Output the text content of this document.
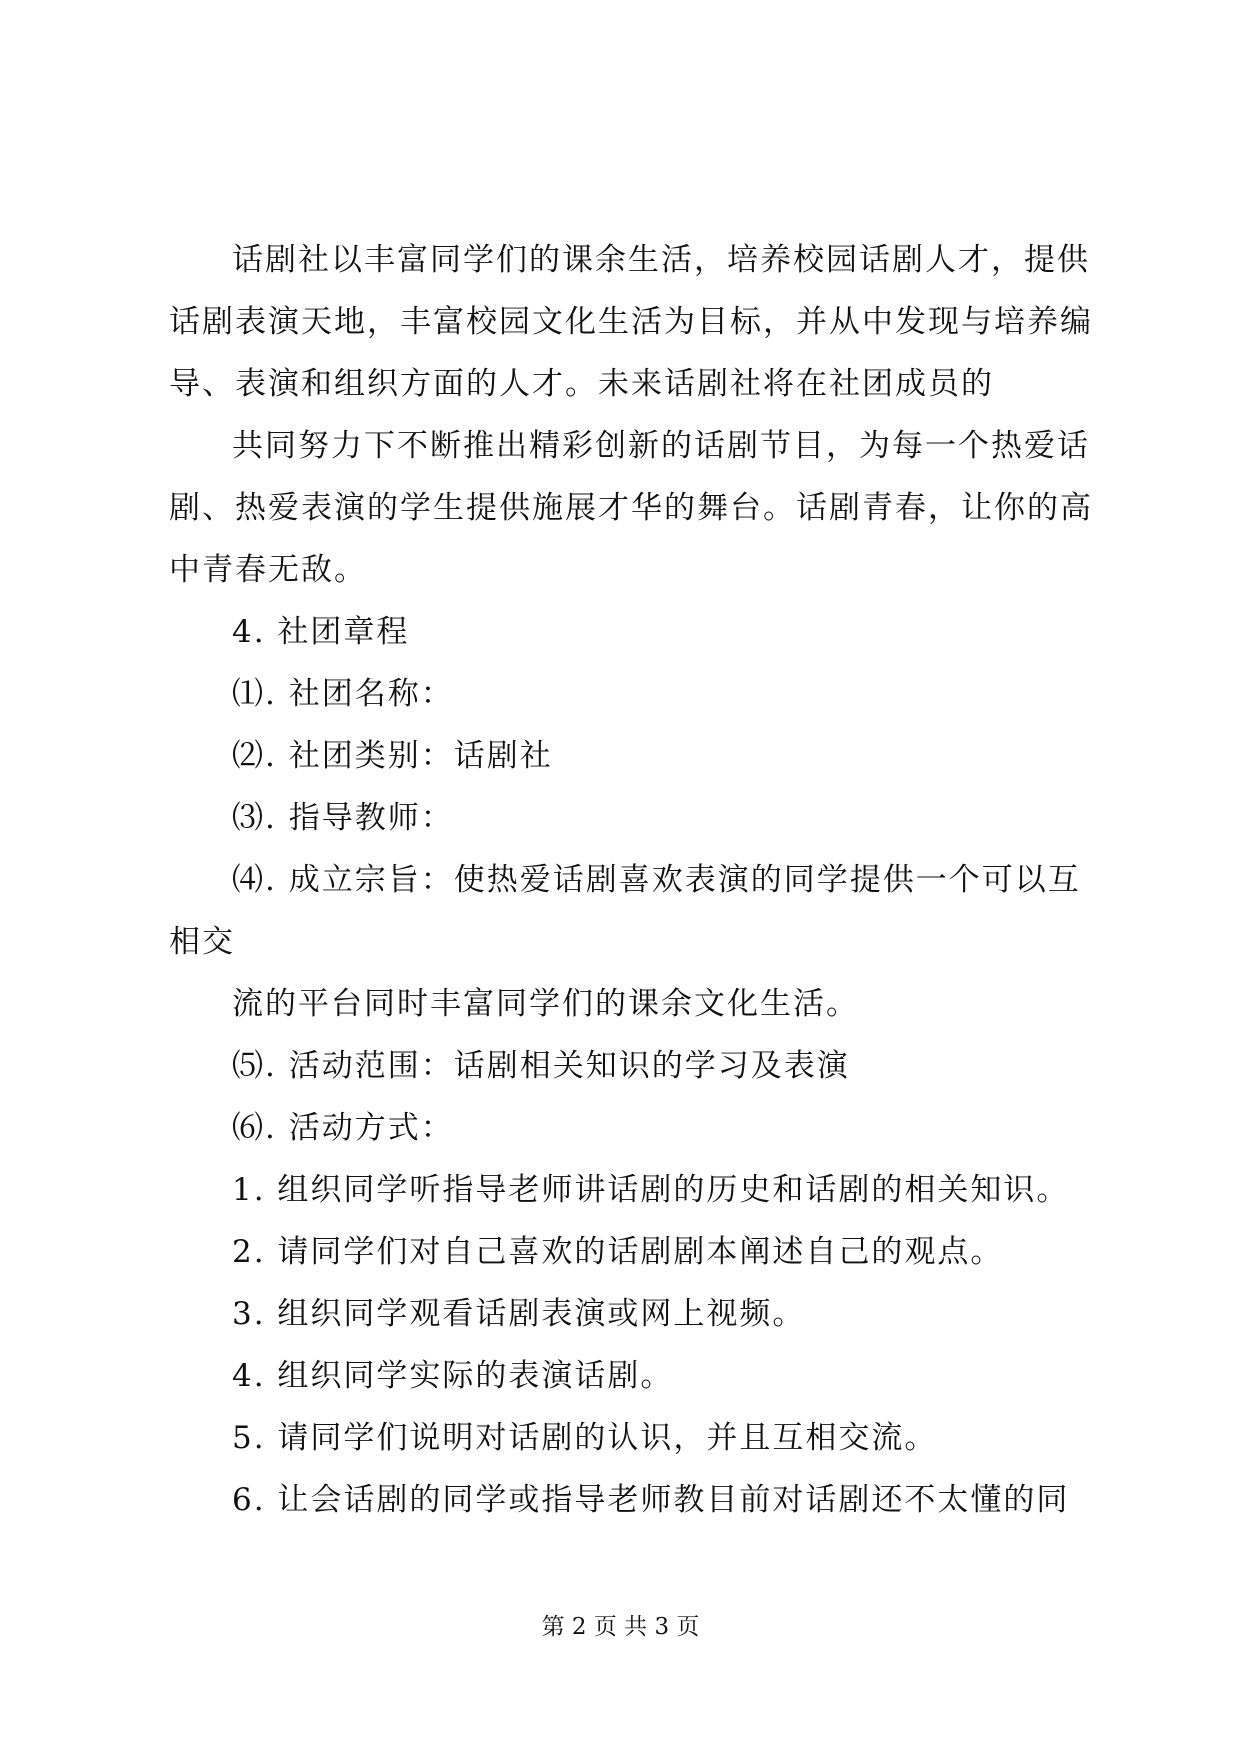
话剧社以丰富同学们的课余生活，培养校园话剧人才，提供
话剧表演天地，丰富校园文化生活为目标，并从中发现与培养编
导、表演和组织方面的人才。未来话剧社将在社团成员的
共同努力下不断推出精彩创新的话剧节目，为每一个热爱话
剧、热爱表演的学生提供施展才华的舞台。话剧青春，让你的高
中青春无敌。
4. 社团章程
⑴. 社团名称：
⑵. 社团类别：话剧社
⑶. 指导教师：
⑷. 成立宗旨：使热爱话剧喜欢表演的同学提供一个可以互
相交
流的平台同时丰富同学们的课余文化生活。
⑸. 活动范围：话剧相关知识的学习及表演
⑹. 活动方式：
1. 组织同学听指导老师讲话剧的历史和话剧的相关知识。
2. 请同学们对自己喜欢的话剧剧本阐述自己的观点。
3. 组织同学观看话剧表演或网上视频。
4. 组织同学实际的表演话剧。
5. 请同学们说明对话剧的认识，并且互相交流。
6. 让会话剧的同学或指导老师教目前对话剧还不太懂的同
第 2 页 共 3 页
